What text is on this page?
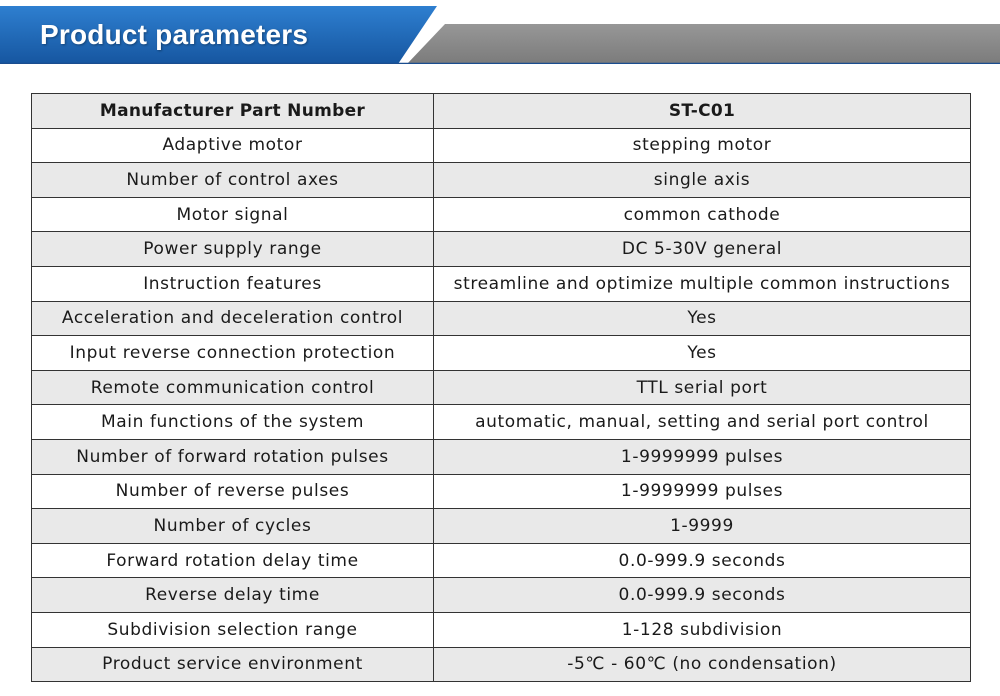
Product parameters
Manufacturer Part Number	ST-C01
Adaptive motor	stepping motor
Number of control axes	single axis
Motor signal	common cathode
Power supply range	DC 5-30V general
Instruction features	streamline and optimize multiple common instructions
Acceleration and deceleration control	Yes
Input reverse connection protection	Yes
Remote communication control	TTL serial port
Main functions of the system	automatic, manual, setting and serial port control
Number of forward rotation pulses	1-9999999 pulses
Number of reverse pulses	1-9999999 pulses
Number of cycles	1-9999
Forward rotation delay time	0.0-999.9 seconds
Reverse delay time	0.0-999.9 seconds
Subdivision selection range	1-128 subdivision
Product service environment	-5℃ - 60℃ (no condensation)
